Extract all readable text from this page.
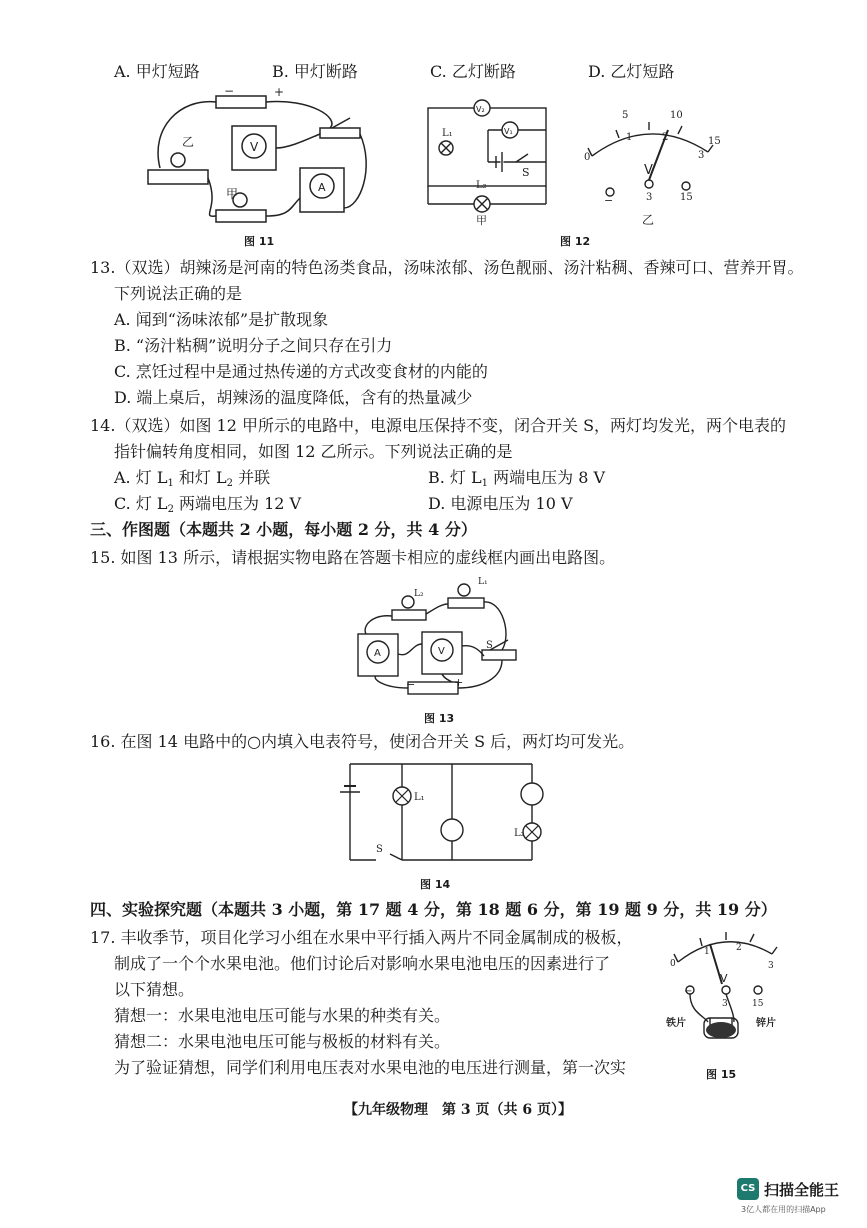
A. 甲灯短路	B. 甲灯断路	C. 乙灯断路	D. 乙灯短路
−	+
V
A
乙
甲
图 11
V₂
V₁
L₁
L₂
S
甲
0
5	10
15
1	2
3
V
−	3	15
乙
图 12
13.（双选）胡辣汤是河南的特色汤类食品，汤味浓郁、汤色靓丽、汤汁粘稠、香辣可口、营养开胃。
下列说法正确的是
A. 闻到“汤味浓郁”是扩散现象
B. “汤汁粘稠”说明分子之间只存在引力
C. 烹饪过程中是通过热传递的方式改变食材的内能的
D. 端上桌后，胡辣汤的温度降低，含有的热量减少
14.（双选）如图 12 甲所示的电路中，电源电压保持不变，闭合开关 S，两灯均发光，两个电表的
指针偏转角度相同，如图 12 乙所示。下列说法正确的是
A. 灯 $L_1$ 和灯 $L_2$ 并联	B. 灯 $L_1$ 两端电压为 8 V
C. 灯 $L_2$ 两端电压为 12 V	D. 电源电压为 10 V
三、作图题（本题共 2 小题，每小题 2 分，共 4 分）
15. 如图 13 所示，请根据实物电路在答题卡相应的虚线框内画出电路图。
L₂
L₁
A	V
S
−	+
图 13
16. 在图 14 电路中的○内填入电表符号，使闭合开关 S 后，两灯均可发光。
L₁
L₂
S
图 14
四、实验探究题（本题共 3 小题，第 17 题 4 分，第 18 题 6 分，第 19 题 9 分，共 19 分）
17. 丰收季节，项目化学习小组在水果中平行插入两片不同金属制成的极板，
制成了一个个水果电池。他们讨论后对影响水果电池电压的因素进行了
以下猜想。
猜想一：水果电池电压可能与水果的种类有关。
猜想二：水果电池电压可能与极板的材料有关。
为了验证猜想，同学们利用电压表对水果电池的电压进行测量，第一次实
0
1	2
3
V
−
3	15
铁片	锌片
图 15
【九年级物理　第 3 页（共 6 页）】
CS 扫描全能王
3亿人都在用的扫描App
